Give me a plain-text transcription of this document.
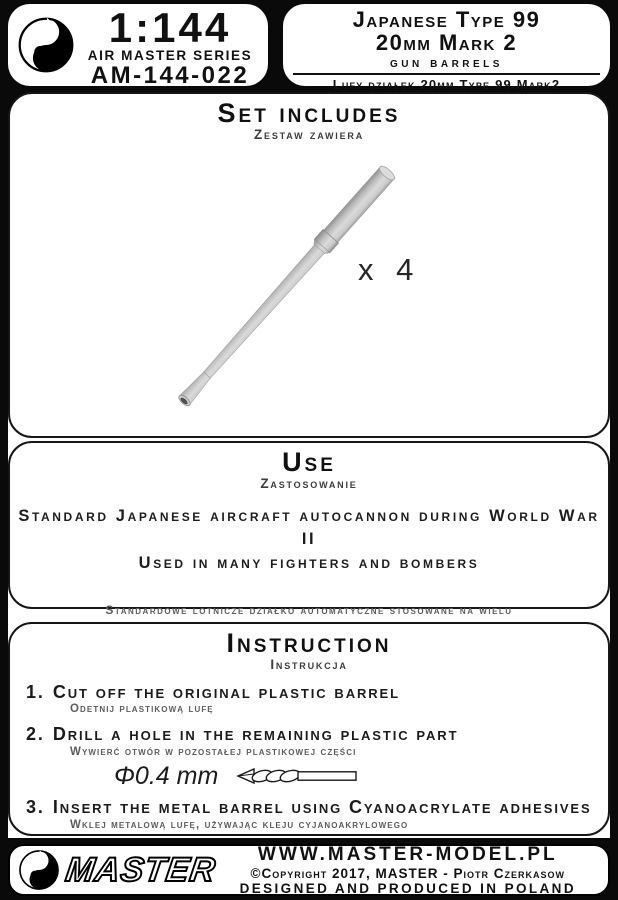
1:144
AIR MASTER SERIES
AM-144-022
Japanese Type 99
20mm Mark 2
gun barrels
Lufy działek 20mm Type 99 Mark2
Set includes
Zestaw zawiera
x 4
Use
Zastosowanie
Standard Japanese aircraft autocannon during World War II
Used in many fighters and bombers
Standardowe lotnicze działko automatyczne stosowane na wielu
Instruction
Instrukcja
1. Cut off the original plastic barrel
Odetnij plastikową lufę
2. Drill a hole in the remaining plastic part
Wywierć otwór w pozostałej plastikowej części
Φ0.4 mm
3. Insert the metal barrel using Cyanoacrylate adhesives
Wklej metalową lufę, używając kleju cyjanoakrylowego
MASTER	WWW.MASTER-MODEL.PL
©Copyright 2017, MASTER - Piotr Czerkasow
DESIGNED AND PRODUCED IN POLAND
